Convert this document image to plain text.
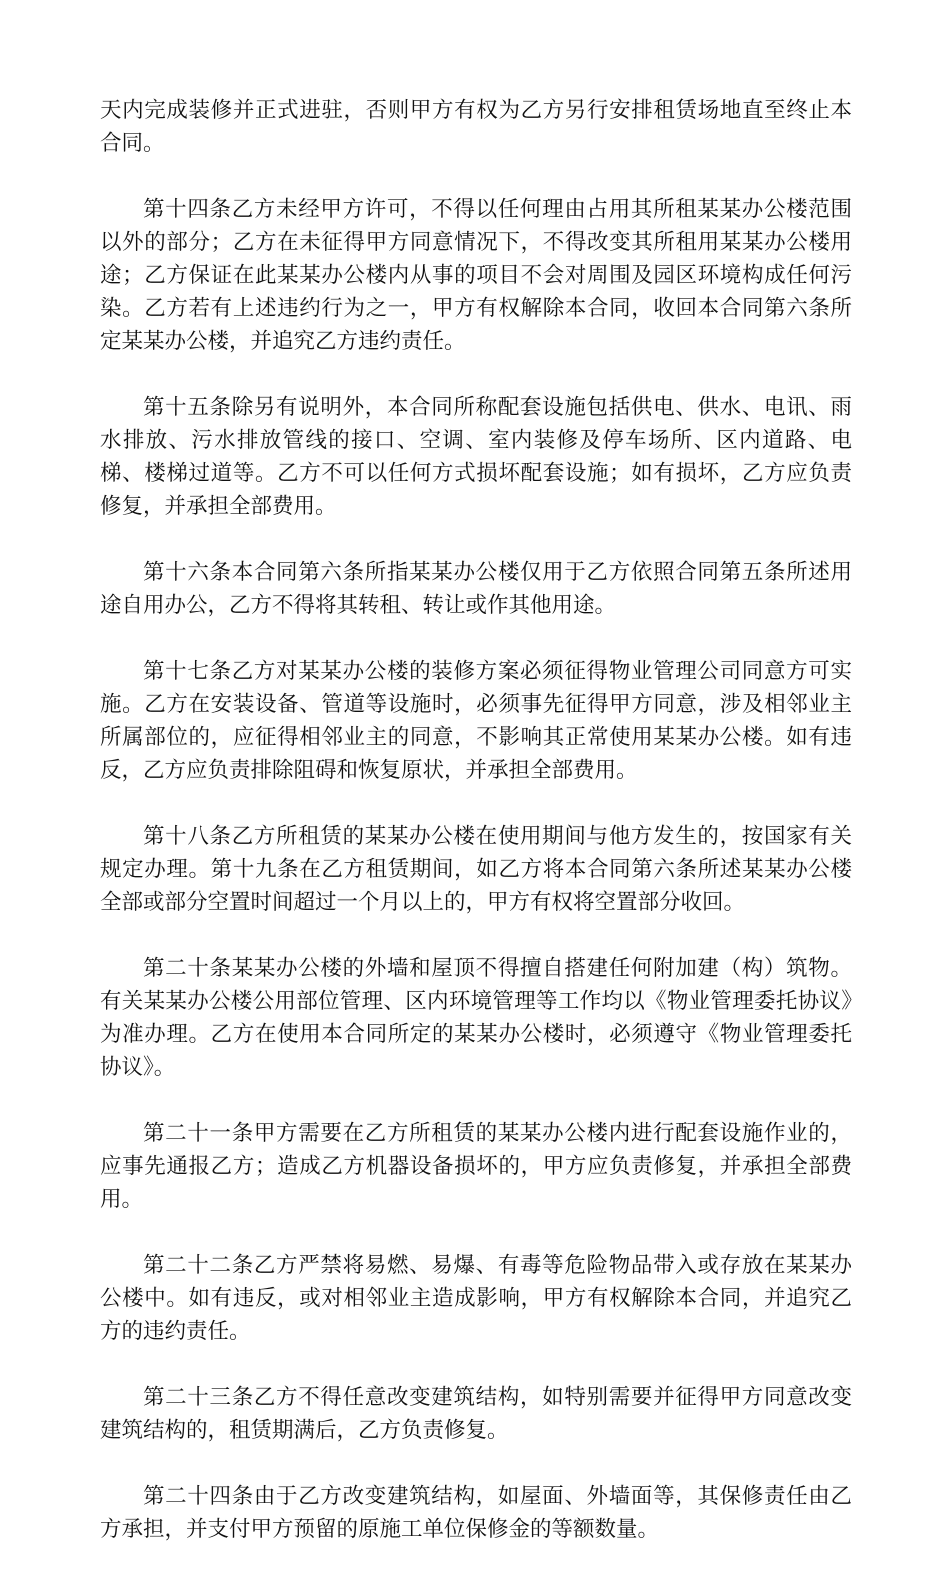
天内完成装修并正式进驻，否则甲方有权为乙方另行安排租赁场地直至终止本合同。

第十四条乙方未经甲方许可，不得以任何理由占用其所租某某办公楼范围以外的部分；乙方在未征得甲方同意情况下，不得改变其所租用某某办公楼用途；乙方保证在此某某办公楼内从事的项目不会对周围及园区环境构成任何污染。乙方若有上述违约行为之一，甲方有权解除本合同，收回本合同第六条所定某某办公楼，并追究乙方违约责任。

第十五条除另有说明外，本合同所称配套设施包括供电、供水、电讯、雨水排放、污水排放管线的接口、空调、室内装修及停车场所、区内道路、电梯、楼梯过道等。乙方不可以任何方式损坏配套设施；如有损坏，乙方应负责修复，并承担全部费用。

第十六条本合同第六条所指某某办公楼仅用于乙方依照合同第五条所述用途自用办公，乙方不得将其转租、转让或作其他用途。

第十七条乙方对某某办公楼的装修方案必须征得物业管理公司同意方可实施。乙方在安装设备、管道等设施时，必须事先征得甲方同意，涉及相邻业主所属部位的，应征得相邻业主的同意，不影响其正常使用某某办公楼。如有违反，乙方应负责排除阻碍和恢复原状，并承担全部费用。

第十八条乙方所租赁的某某办公楼在使用期间与他方发生的，按国家有关规定办理。第十九条在乙方租赁期间，如乙方将本合同第六条所述某某办公楼全部或部分空置时间超过一个月以上的，甲方有权将空置部分收回。

第二十条某某办公楼的外墙和屋顶不得擅自搭建任何附加建（构）筑物。有关某某办公楼公用部位管理、区内环境管理等工作均以《物业管理委托协议》为准办理。乙方在使用本合同所定的某某办公楼时，必须遵守《物业管理委托协议》。

第二十一条甲方需要在乙方所租赁的某某办公楼内进行配套设施作业的，应事先通报乙方；造成乙方机器设备损坏的，甲方应负责修复，并承担全部费用。

第二十二条乙方严禁将易燃、易爆、有毒等危险物品带入或存放在某某办公楼中。如有违反，或对相邻业主造成影响，甲方有权解除本合同，并追究乙方的违约责任。

第二十三条乙方不得任意改变建筑结构，如特别需要并征得甲方同意改变建筑结构的，租赁期满后，乙方负责修复。

第二十四条由于乙方改变建筑结构，如屋面、外墙面等，其保修责任由乙方承担，并支付甲方预留的原施工单位保修金的等额数量。
